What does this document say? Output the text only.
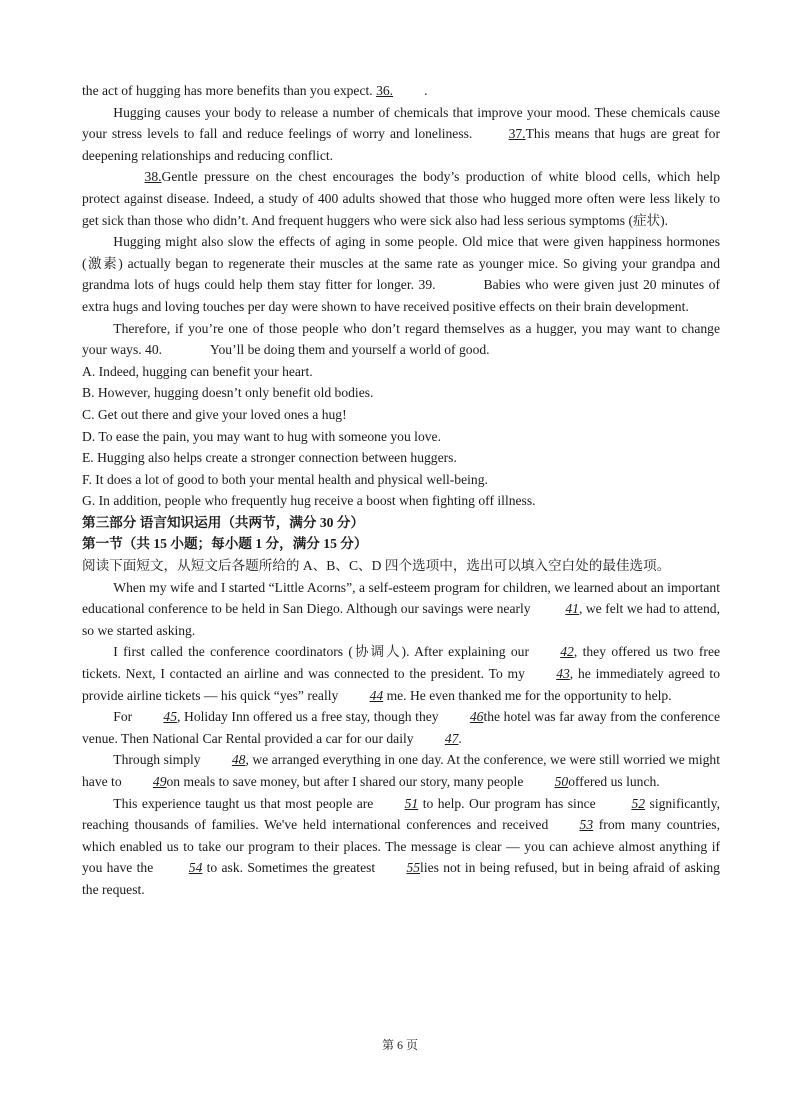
the act of hugging has more benefits than you expect. 36. .

Hugging causes your body to release a number of chemicals that improve your mood. These chemicals cause your stress levels to fall and reduce feelings of worry and loneliness. 37.This means that hugs are great for deepening relationships and reducing conflict.

38.Gentle pressure on the chest encourages the body’s production of white blood cells, which help protect against disease. Indeed, a study of 400 adults showed that those who hugged more often were less likely to get sick than those who didn’t. And frequent huggers who were sick also had less serious symptoms (症状).

Hugging might also slow the effects of aging in some people. Old mice that were given happiness hormones (激素) actually began to regenerate their muscles at the same rate as younger mice. So giving your grandpa and grandma lots of hugs could help them stay fitter for longer. 39.	Babies who were given just 20 minutes of extra hugs and loving touches per day were shown to have received positive effects on their brain development.

Therefore, if you’re one of those people who don’t regard themselves as a hugger, you may want to change your ways. 40.	You’ll be doing them and yourself a world of good.

A. Indeed, hugging can benefit your heart.

B. However, hugging doesn’t only benefit old bodies.

C. Get out there and give your loved ones a hug!

D. To ease the pain, you may want to hug with someone you love.

E. Hugging also helps create a stronger connection between huggers.

F. It does a lot of good to both your mental health and physical well-being.

G. In addition, people who frequently hug receive a boost when fighting off illness.

第三部分 语言知识运用（共两节，满分 30 分）

第一节（共 15 小题；每小题 1 分，满分 15 分）

阅读下面短文，从短文后各题所给的 A、B、C、D 四个选项中，选出可以填入空白处的最佳选项。

When my wife and I started “Little Acorns”, a self-esteem program for children, we learned about an important educational conference to be held in San Diego. Although our savings were nearly 41, we felt we had to attend, so we started asking.

I first called the conference coordinators (协调人). After explaining our 42, they offered us two free tickets. Next, I contacted an airline and was connected to the president. To my 43, he immediately agreed to provide airline tickets — his quick “yes” really 44 me. He even thanked me for the opportunity to help.

For 45, Holiday Inn offered us a free stay, though they 46the hotel was far away from the conference venue. Then National Car Rental provided a car for our daily 47.

Through simply 48, we arranged everything in one day. At the conference, we were still worried we might have to 49on meals to save money, but after I shared our story, many people 50offered us lunch.

This experience taught us that most people are 51 to help. Our program has since 52 significantly, reaching thousands of families. We've held international conferences and received 53 from many countries, which enabled us to take our program to their places. The message is clear — you can achieve almost anything if you have the 54 to ask. Sometimes the greatest 55lies not in being refused, but in being afraid of asking the request.

第 6 页
